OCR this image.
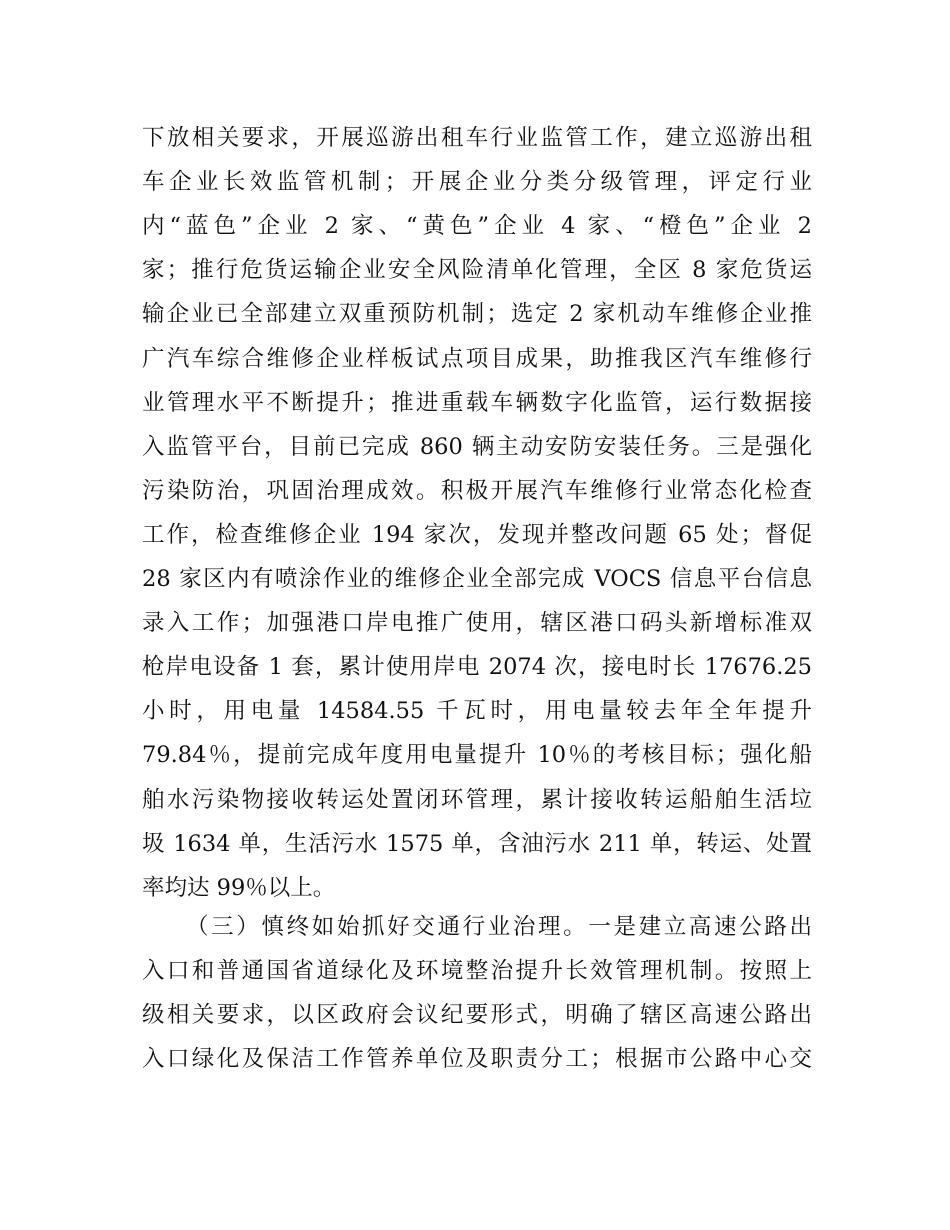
下放相关要求，开展巡游出租车行业监管工作，建立巡游出租

车企业长效监管机制；开展企业分类分级管理，评定行业

内“蓝色”企业 2 家、“黄色”企业 4 家、“橙色”企业 2

家；推行危货运输企业安全风险清单化管理，全区 8 家危货运

输企业已全部建立双重预防机制；选定 2 家机动车维修企业推

广汽车综合维修企业样板试点项目成果，助推我区汽车维修行

业管理水平不断提升；推进重载车辆数字化监管，运行数据接

入监管平台，目前已完成 860 辆主动安防安装任务。三是强化

污染防治，巩固治理成效。积极开展汽车维修行业常态化检查

工作，检查维修企业 194 家次，发现并整改问题 65 处；督促

28 家区内有喷涂作业的维修企业全部完成 VOCS 信息平台信息

录入工作；加强港口岸电推广使用，辖区港口码头新增标准双

枪岸电设备 1 套，累计使用岸电 2074 次，接电时长 17676.25

小时，用电量 14584.55 千瓦时，用电量较去年全年提升

79.84％，提前完成年度用电量提升 10％的考核目标；强化船

舶水污染物接收转运处置闭环管理，累计接收转运船舶生活垃

圾 1634 单，生活污水 1575 单，含油污水 211 单，转运、处置

率均达 99％以上。

（三）慎终如始抓好交通行业治理。一是建立高速公路出

入口和普通国省道绿化及环境整治提升长效管理机制。按照上

级相关要求，以区政府会议纪要形式，明确了辖区高速公路出

入口绿化及保洁工作管养单位及职责分工；根据市公路中心交
